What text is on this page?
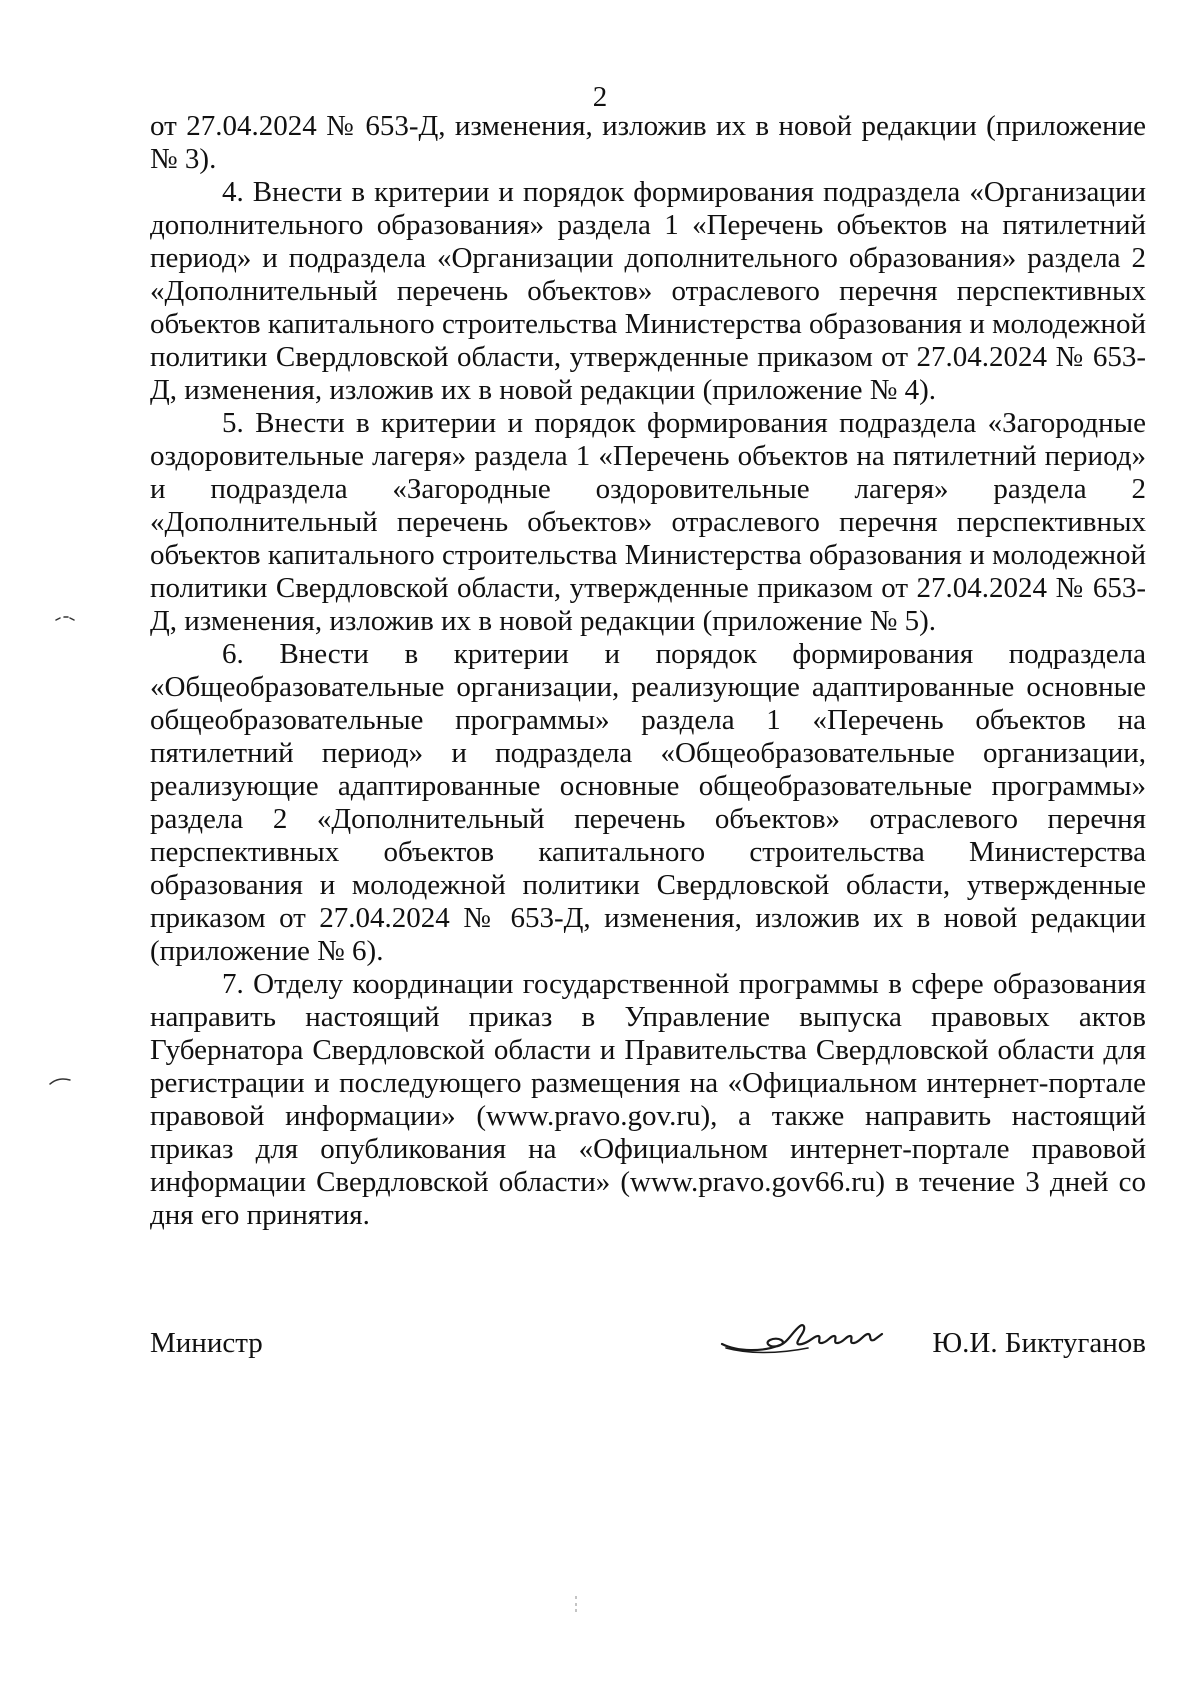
2

от 27.04.2024 № 653-Д, изменения, изложив их в новой редакции (приложение № 3).

4. Внести в критерии и порядок формирования подраздела «Организации дополнительного образования» раздела 1 «Перечень объектов на пятилетний период» и подраздела «Организации дополнительного образования» раздела 2 «Дополнительный перечень объектов» отраслевого перечня перспективных объектов капитального строительства Министерства образования и молодежной политики Свердловской области, утвержденные приказом от 27.04.2024 № 653-Д, изменения, изложив их в новой редакции (приложение № 4).

5. Внести в критерии и порядок формирования подраздела «Загородные оздоровительные лагеря» раздела 1 «Перечень объектов на пятилетний период» и подраздела «Загородные оздоровительные лагеря» раздела 2 «Дополнительный перечень объектов» отраслевого перечня перспективных объектов капитального строительства Министерства образования и молодежной политики Свердловской области, утвержденные приказом от 27.04.2024 № 653-Д, изменения, изложив их в новой редакции (приложение № 5).

6. Внести в критерии и порядок формирования подраздела «Общеобразовательные организации, реализующие адаптированные основные общеобразовательные программы» раздела 1 «Перечень объектов на пятилетний период» и подраздела «Общеобразовательные организации, реализующие адаптированные основные общеобразовательные программы» раздела 2 «Дополнительный перечень объектов» отраслевого перечня перспективных объектов капитального строительства Министерства образования и молодежной политики Свердловской области, утвержденные приказом от 27.04.2024 № 653-Д, изменения, изложив их в новой редакции (приложение № 6).

7. Отделу координации государственной программы в сфере образования направить настоящий приказ в Управление выпуска правовых актов Губернатора Свердловской области и Правительства Свердловской области для регистрации и последующего размещения на «Официальном интернет-портале правовой информации» (www.pravo.gov.ru), а также направить настоящий приказ для опубликования на «Официальном интернет-портале правовой информации Свердловской области» (www.pravo.gov66.ru) в течение 3 дней со дня его принятия.

Министр	Ю.И. Биктуганов
